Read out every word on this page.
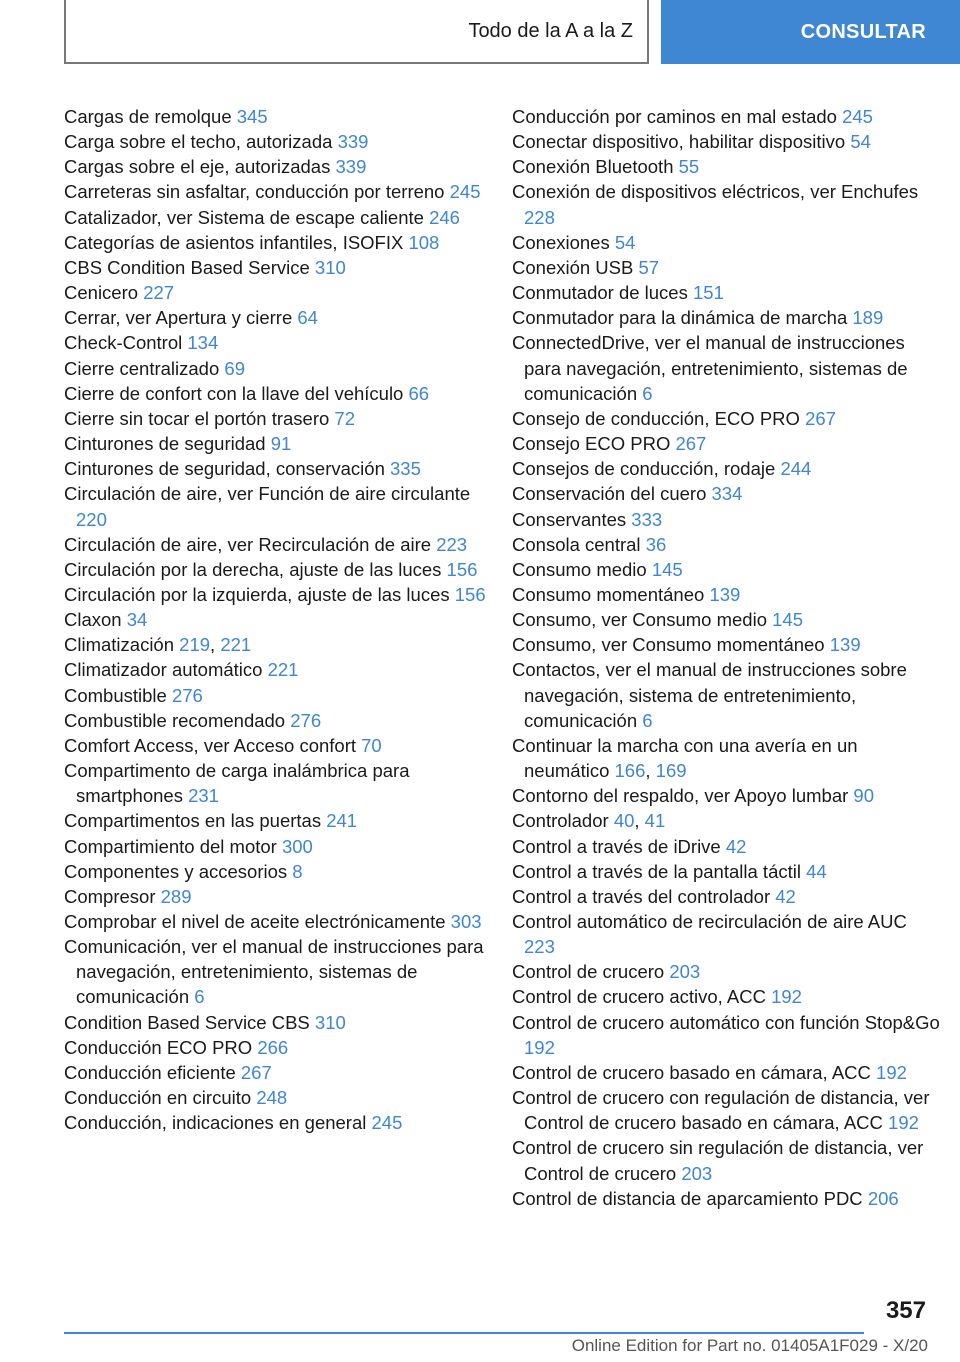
Todo de la A a la Z	CONSULTAR
Cargas de remolque 345
Carga sobre el techo, autorizada 339
Cargas sobre el eje, autorizadas 339
Carreteras sin asfaltar, conducción por terreno 245
Catalizador, ver Sistema de escape caliente 246
Categorías de asientos infantiles, ISOFIX 108
CBS Condition Based Service 310
Cenicero 227
Cerrar, ver Apertura y cierre 64
Check-Control 134
Cierre centralizado 69
Cierre de confort con la llave del vehículo 66
Cierre sin tocar el portón trasero 72
Cinturones de seguridad 91
Cinturones de seguridad, conservación 335
Circulación de aire, ver Función de aire circulante 220
Circulación de aire, ver Recirculación de aire 223
Circulación por la derecha, ajuste de las luces 156
Circulación por la izquierda, ajuste de las luces 156
Claxon 34
Climatización 219, 221
Climatizador automático 221
Combustible 276
Combustible recomendado 276
Comfort Access, ver Acceso confort 70
Compartimento de carga inalámbrica para smartphones 231
Compartimentos en las puertas 241
Compartimiento del motor 300
Componentes y accesorios 8
Compresor 289
Comprobar el nivel de aceite electrónicamente 303
Comunicación, ver el manual de instrucciones para navegación, entretenimiento, sistemas de comunicación 6
Condition Based Service CBS 310
Conducción ECO PRO 266
Conducción eficiente 267
Conducción en circuito 248
Conducción, indicaciones en general 245
Conducción por caminos en mal estado 245
Conectar dispositivo, habilitar dispositivo 54
Conexión Bluetooth 55
Conexión de dispositivos eléctricos, ver Enchufes 228
Conexiones 54
Conexión USB 57
Conmutador de luces 151
Conmutador para la dinámica de marcha 189
ConnectedDrive, ver el manual de instrucciones para navegación, entretenimiento, sistemas de comunicación 6
Consejo de conducción, ECO PRO 267
Consejo ECO PRO 267
Consejos de conducción, rodaje 244
Conservación del cuero 334
Conservantes 333
Consola central 36
Consumo medio 145
Consumo momentáneo 139
Consumo, ver Consumo medio 145
Consumo, ver Consumo momentáneo 139
Contactos, ver el manual de instrucciones sobre navegación, sistema de entretenimiento, comunicación 6
Continuar la marcha con una avería en un neumático 166, 169
Contorno del respaldo, ver Apoyo lumbar 90
Controlador 40, 41
Control a través de iDrive 42
Control a través de la pantalla táctil 44
Control a través del controlador 42
Control automático de recirculación de aire AUC 223
Control de crucero 203
Control de crucero activo, ACC 192
Control de crucero automático con función Stop&Go 192
Control de crucero basado en cámara, ACC 192
Control de crucero con regulación de distancia, ver Control de crucero basado en cámara, ACC 192
Control de crucero sin regulación de distancia, ver Control de crucero 203
Control de distancia de aparcamiento PDC 206
357
Online Edition for Part no. 01405A1F029 - X/20
